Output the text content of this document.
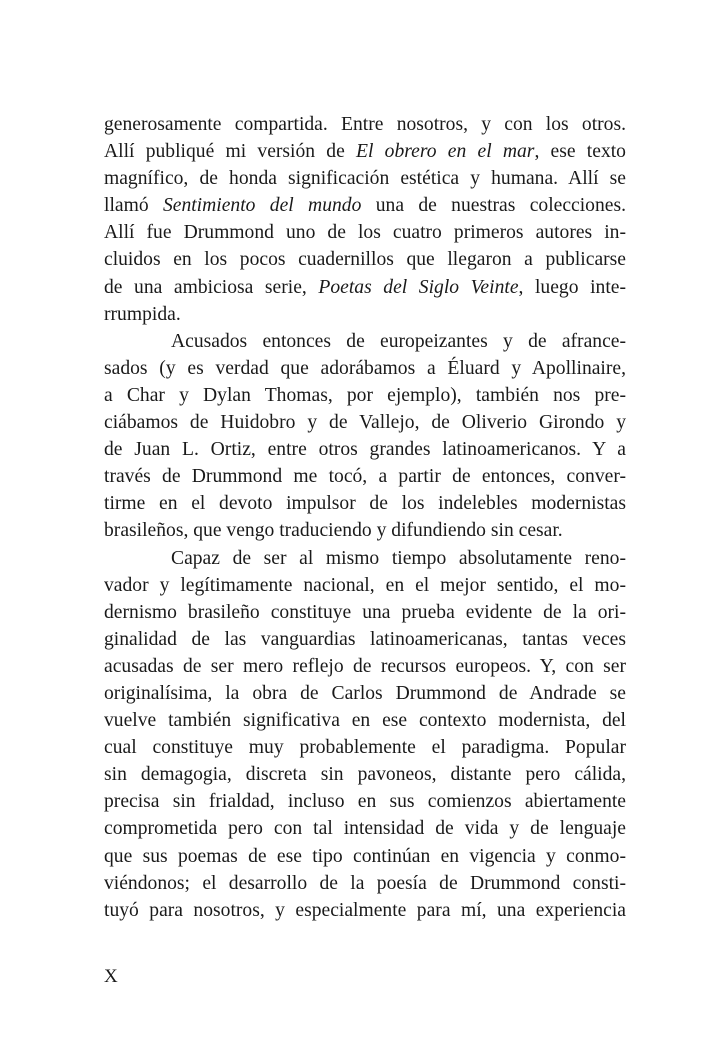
generosamente compartida. Entre nosotros, y con los otros.
Allí publiqué mi versión de El obrero en el mar, ese texto
magnífico, de honda significación estética y humana. Allí se
llamó Sentimiento del mundo una de nuestras colecciones.
Allí fue Drummond uno de los cuatro primeros autores in-
cluidos en los pocos cuadernillos que llegaron a publicarse
de una ambiciosa serie, Poetas del Siglo Veinte, luego inte-
rrumpida.
Acusados entonces de europeizantes y de afrance-
sados (y es verdad que adorábamos a Éluard y Apollinaire,
a Char y Dylan Thomas, por ejemplo), también nos pre-
ciábamos de Huidobro y de Vallejo, de Oliverio Girondo y
de Juan L. Ortiz, entre otros grandes latinoamericanos. Y a
través de Drummond me tocó, a partir de entonces, conver-
tirme en el devoto impulsor de los indelebles modernistas
brasileños, que vengo traduciendo y difundiendo sin cesar.
Capaz de ser al mismo tiempo absolutamente reno-
vador y legítimamente nacional, en el mejor sentido, el mo-
dernismo brasileño constituye una prueba evidente de la ori-
ginalidad de las vanguardias latinoamericanas, tantas veces
acusadas de ser mero reflejo de recursos europeos. Y, con ser
originalísima, la obra de Carlos Drummond de Andrade se
vuelve también significativa en ese contexto modernista, del
cual constituye muy probablemente el paradigma. Popular
sin demagogia, discreta sin pavoneos, distante pero cálida,
precisa sin frialdad, incluso en sus comienzos abiertamente
comprometida pero con tal intensidad de vida y de lenguaje
que sus poemas de ese tipo continúan en vigencia y conmo-
viéndonos; el desarrollo de la poesía de Drummond consti-
tuyó para nosotros, y especialmente para mí, una experiencia
X
